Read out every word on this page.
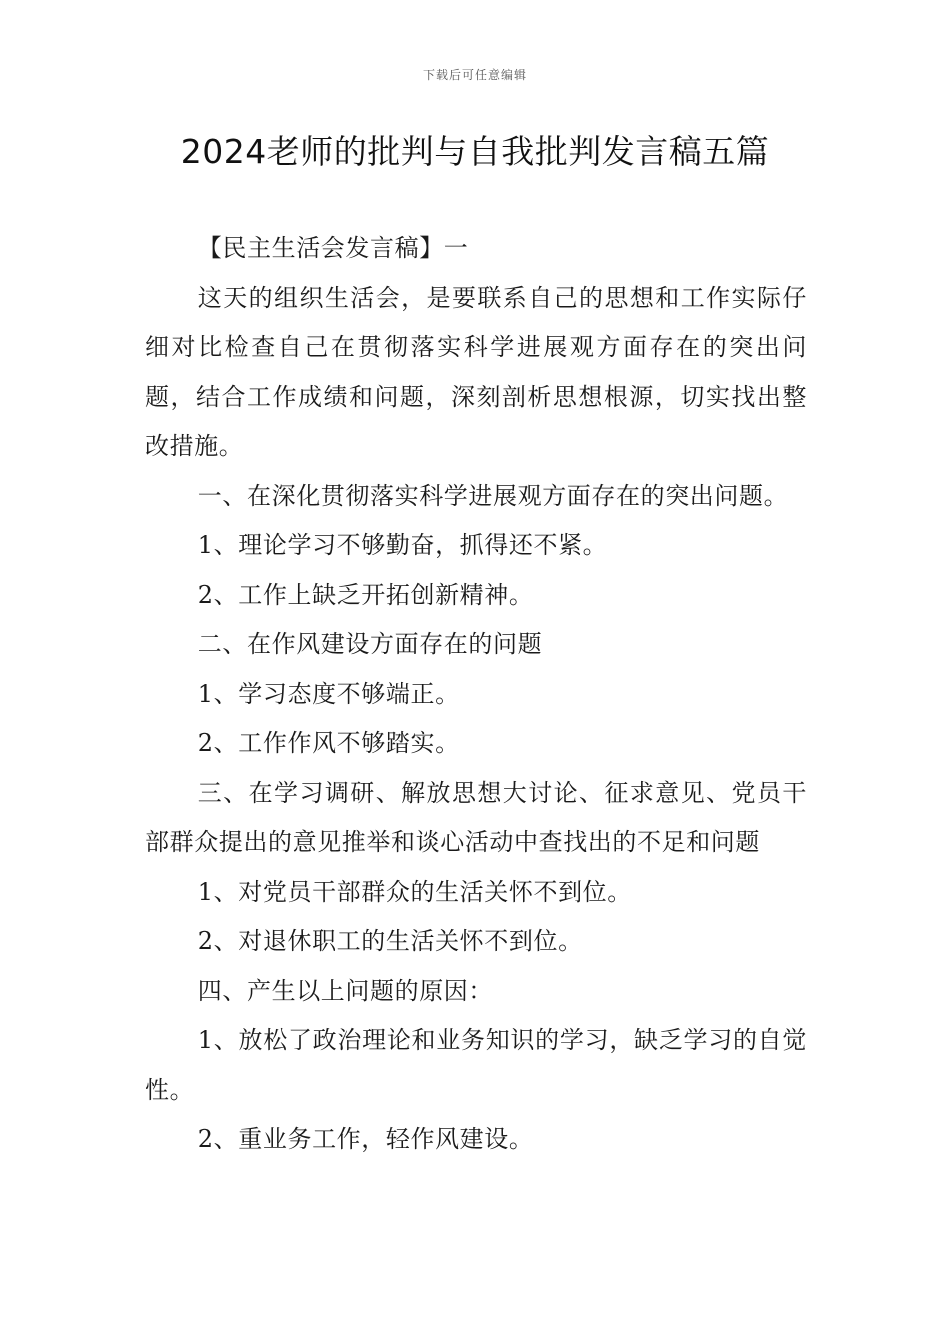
下载后可任意编辑
2024老师的批判与自我批判发言稿五篇

【民主生活会发言稿】一

这天的组织生活会，是要联系自己的思想和工作实际仔细对比检查自己在贯彻落实科学进展观方面存在的突出问题，结合工作成绩和问题，深刻剖析思想根源，切实找出整改措施。

一、在深化贯彻落实科学进展观方面存在的突出问题。

1、理论学习不够勤奋，抓得还不紧。

2、工作上缺乏开拓创新精神。

二、在作风建设方面存在的问题

1、学习态度不够端正。

2、工作作风不够踏实。

三、在学习调研、解放思想大讨论、征求意见、党员干部群众提出的意见推举和谈心活动中查找出的不足和问题

1、对党员干部群众的生活关怀不到位。

2、对退休职工的生活关怀不到位。

四、产生以上问题的原因：

1、放松了政治理论和业务知识的学习，缺乏学习的自觉性。

2、重业务工作，轻作风建设。
